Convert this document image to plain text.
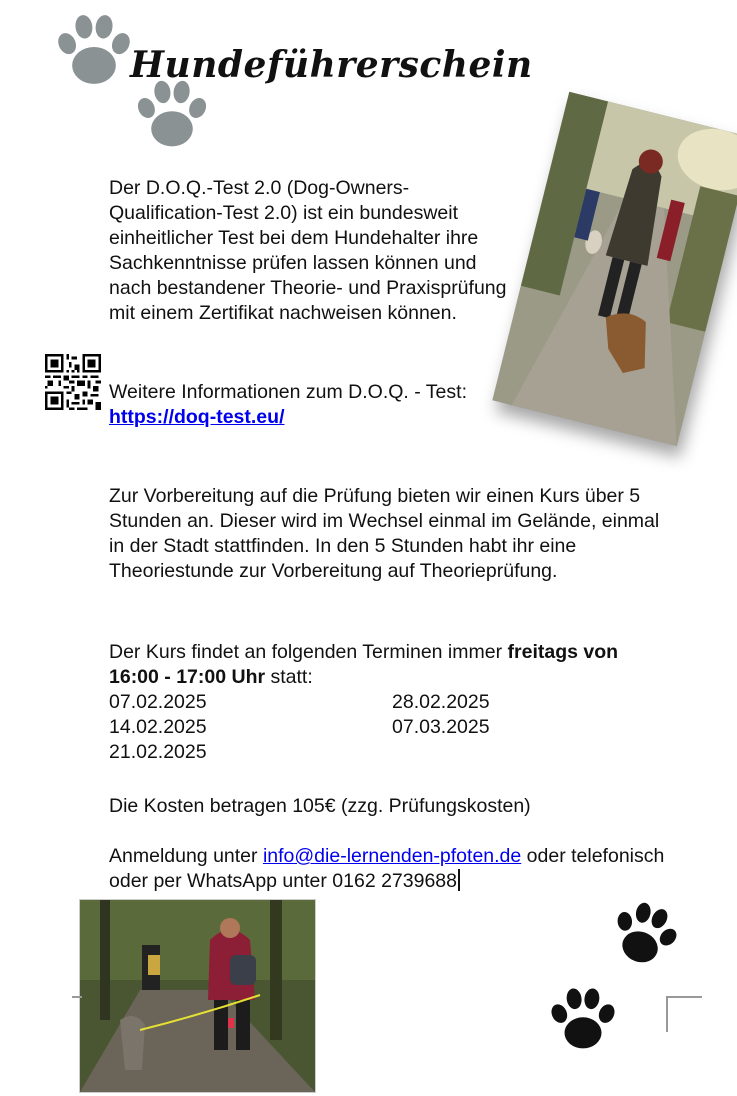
Hundeführerschein
Der D.O.Q.-Test 2.0 (Dog-Owners-Qualification-Test 2.0) ist ein bundesweit einheitlicher Test bei dem Hundehalter ihre Sachkenntnisse prüfen lassen können und nach bestandener Theorie- und Praxisprüfung mit einem Zertifikat nachweisen können.
Weitere Informationen zum D.O.Q. - Test:
https://doq-test.eu/
Zur Vorbereitung auf die Prüfung bieten wir einen Kurs über 5 Stunden an. Dieser wird im Wechsel einmal im Gelände, einmal in der Stadt stattfinden. In den 5 Stunden habt ihr eine Theoriestunde zur Vorbereitung auf Theorieprüfung.
Der Kurs findet an folgenden Terminen immer freitags von 16:00 - 17:00 Uhr statt:
07.02.2025
14.02.2025
21.02.2025
28.02.2025
07.03.2025
Die Kosten betragen 105€ (zzg. Prüfungskosten)
Anmeldung unter info@die-lernenden-pfoten.de oder telefonisch oder per WhatsApp unter 0162 2739688
